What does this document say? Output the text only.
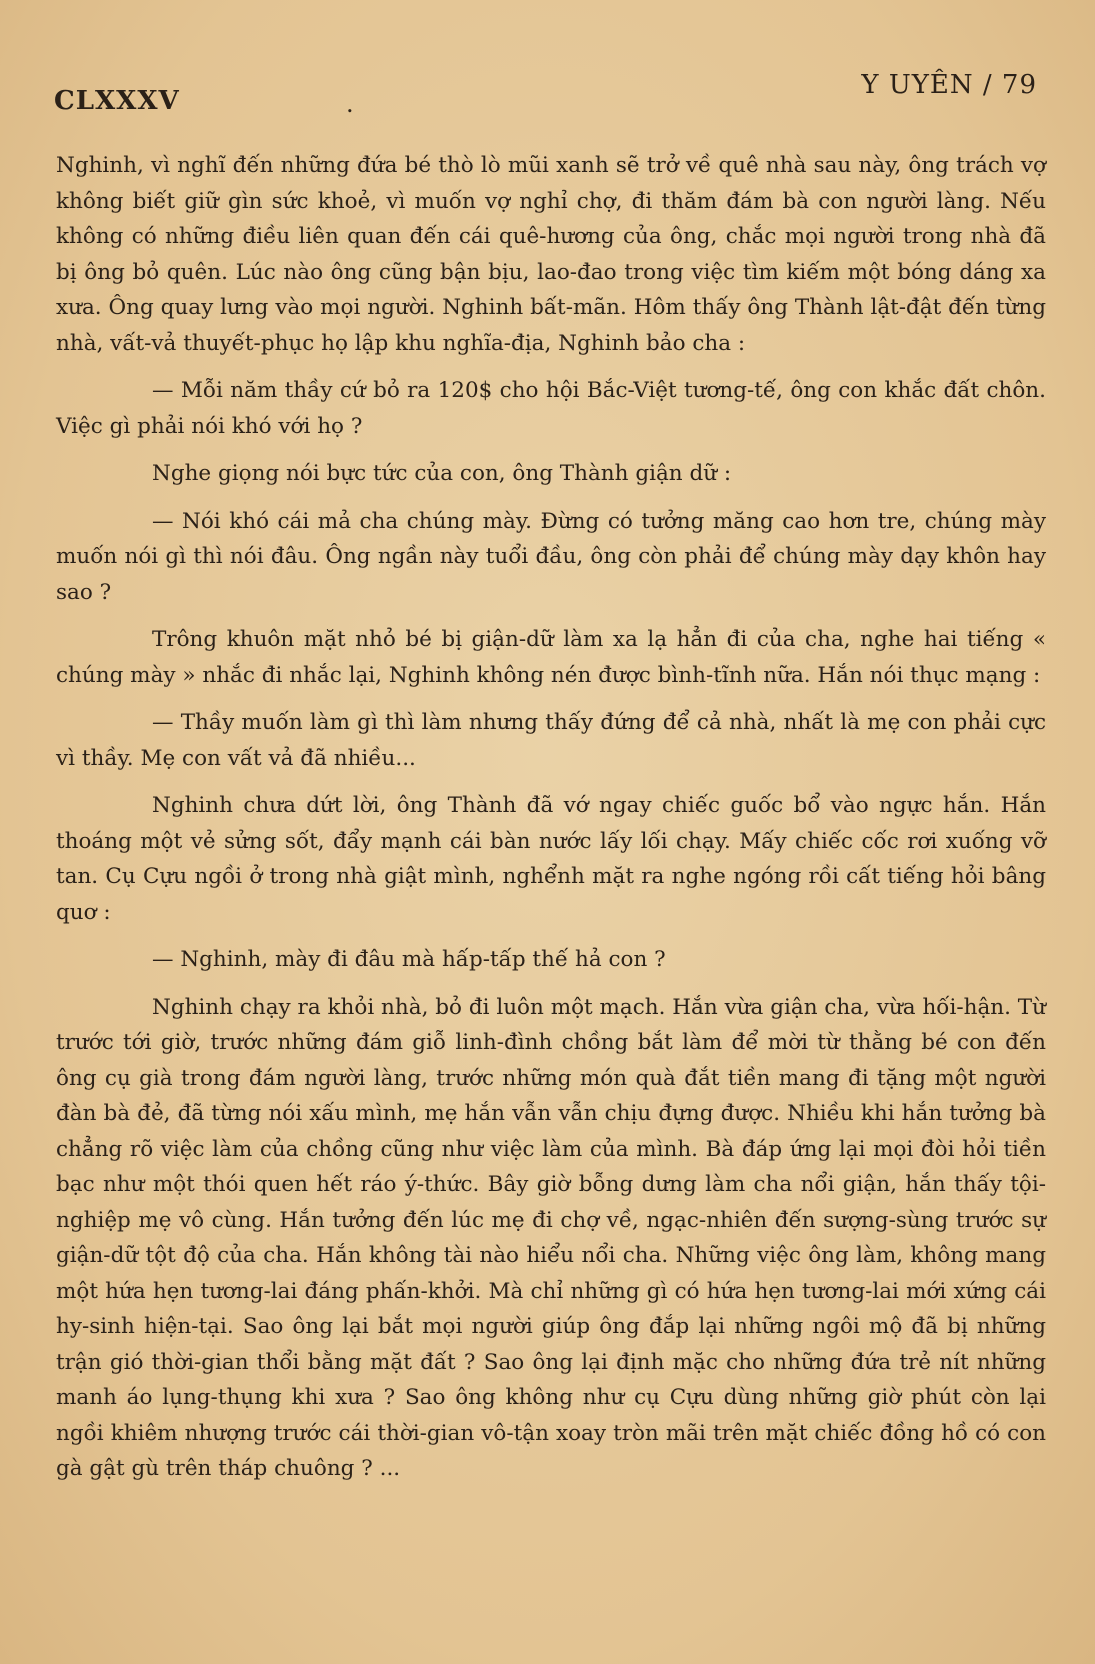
CLXXXV	.
Y UYÊN / 79

Nghinh, vì nghĩ đến những đứa bé thò lò mũi xanh sẽ trở về quê nhà sau này, ông trách vợ không biết giữ gìn sức khoẻ, vì muốn vợ nghỉ chợ, đi thăm đám bà con người làng. Nếu không có những điều liên quan đến cái quê-hương của ông, chắc mọi người trong nhà đã bị ông bỏ quên. Lúc nào ông cũng bận bịu, lao-đao trong việc tìm kiếm một bóng dáng xa xưa. Ông quay lưng vào mọi người. Nghinh bất-mãn. Hôm thấy ông Thành lật-đật đến từng nhà, vất-vả thuyết-phục họ lập khu nghĩa-địa, Nghinh bảo cha :

— Mỗi năm thầy cứ bỏ ra 120$ cho hội Bắc-Việt tương-tế, ông con khắc đất chôn. Việc gì phải nói khó với họ ?

Nghe giọng nói bực tức của con, ông Thành giận dữ :

— Nói khó cái mả cha chúng mày. Đừng có tưởng măng cao hơn tre, chúng mày muốn nói gì thì nói đâu. Ông ngần này tuổi đầu, ông còn phải để chúng mày dạy khôn hay sao ?

Trông khuôn mặt nhỏ bé bị giận-dữ làm xa lạ hẳn đi của cha, nghe hai tiếng « chúng mày » nhắc đi nhắc lại, Nghinh không nén được bình-tĩnh nữa. Hắn nói thục mạng :

— Thầy muốn làm gì thì làm nhưng thấy đứng để cả nhà, nhất là mẹ con phải cực vì thầy. Mẹ con vất vả đã nhiều...

Nghinh chưa dứt lời, ông Thành đã vớ ngay chiếc guốc bổ vào ngực hắn. Hắn thoáng một vẻ sửng sốt, đẩy mạnh cái bàn nước lấy lối chạy. Mấy chiếc cốc rơi xuống vỡ tan. Cụ Cựu ngồi ở trong nhà giật mình, nghểnh mặt ra nghe ngóng rồi cất tiếng hỏi bâng quơ :

— Nghinh, mày đi đâu mà hấp-tấp thế hả con ?

Nghinh chạy ra khỏi nhà, bỏ đi luôn một mạch. Hắn vừa giận cha, vừa hối-hận. Từ trước tới giờ, trước những đám giỗ linh-đình chồng bắt làm để mời từ thằng bé con đến ông cụ già trong đám người làng, trước những món quà đắt tiền mang đi tặng một người đàn bà đẻ, đã từng nói xấu mình, mẹ hắn vẫn vẫn chịu đựng được. Nhiều khi hắn tưởng bà chẳng rõ việc làm của chồng cũng như việc làm của mình. Bà đáp ứng lại mọi đòi hỏi tiền bạc như một thói quen hết ráo ý-thức. Bây giờ bỗng dưng làm cha nổi giận, hắn thấy tội-nghiệp mẹ vô cùng. Hắn tưởng đến lúc mẹ đi chợ về, ngạc-nhiên đến sượng-sùng trước sự giận-dữ tột độ của cha. Hắn không tài nào hiểu nổi cha. Những việc ông làm, không mang một hứa hẹn tương-lai đáng phấn-khởi. Mà chỉ những gì có hứa hẹn tương-lai mới xứng cái hy-sinh hiện-tại. Sao ông lại bắt mọi người giúp ông đắp lại những ngôi mộ đã bị những trận gió thời-gian thổi bằng mặt đất ? Sao ông lại định mặc cho những đứa trẻ nít những manh áo lụng-thụng khi xưa ? Sao ông không như cụ Cựu dùng những giờ phút còn lại ngồi khiêm nhượng trước cái thời-gian vô-tận xoay tròn mãi trên mặt chiếc đồng hồ có con gà gật gù trên tháp chuông ? ...
